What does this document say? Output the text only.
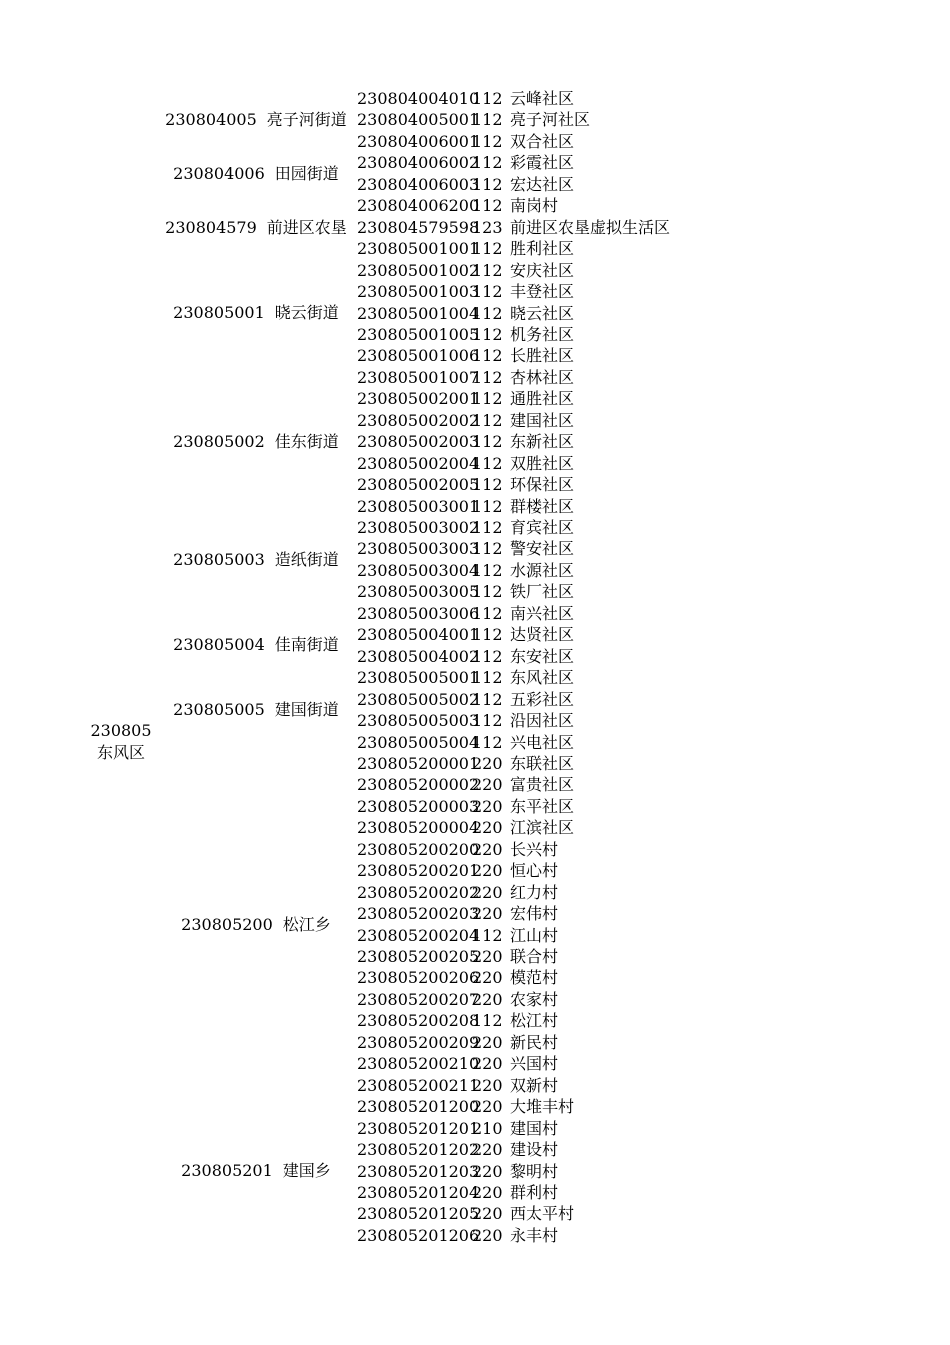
230805
东风区
230804005 亮子河街道
230804006 田园街道
230804579 前进区农垦
230805001 晓云街道
230805002 佳东街道
230805003 造纸街道
230805004 佳南街道
230805005 建国街道
230805200 松江乡
230805201 建国乡
230804004010112 云峰社区
230804005001112 亮子河社区
230804006001112 双合社区
230804006002112 彩霞社区
230804006003112 宏达社区
230804006200112 南岗村
230804579598123 前进区农垦虚拟生活区
230805001001112 胜利社区
230805001002112 安庆社区
230805001003112 丰登社区
230805001004112 晓云社区
230805001005112 机务社区
230805001006112 长胜社区
230805001007112 杏林社区
230805002001112 通胜社区
230805002002112 建国社区
230805002003112 东新社区
230805002004112 双胜社区
230805002005112 环保社区
230805003001112 群楼社区
230805003002112 育宾社区
230805003003112 警安社区
230805003004112 水源社区
230805003005112 铁厂社区
230805003006112 南兴社区
230805004001112 达贤社区
230805004002112 东安社区
230805005001112 东风社区
230805005002112 五彩社区
230805005003112 沿因社区
230805005004112 兴电社区
230805200001220 东联社区
230805200002220 富贵社区
230805200003220 东平社区
230805200004220 江滨社区
230805200200220 长兴村
230805200201220 恒心村
230805200202220 红力村
230805200203220 宏伟村
230805200204112 江山村
230805200205220 联合村
230805200206220 模范村
230805200207220 农家村
230805200208112 松江村
230805200209220 新民村
230805200210220 兴国村
230805200211220 双新村
230805201200220 大堆丰村
230805201201210 建国村
230805201202220 建设村
230805201203220 黎明村
230805201204220 群利村
230805201205220 西太平村
230805201206220 永丰村
